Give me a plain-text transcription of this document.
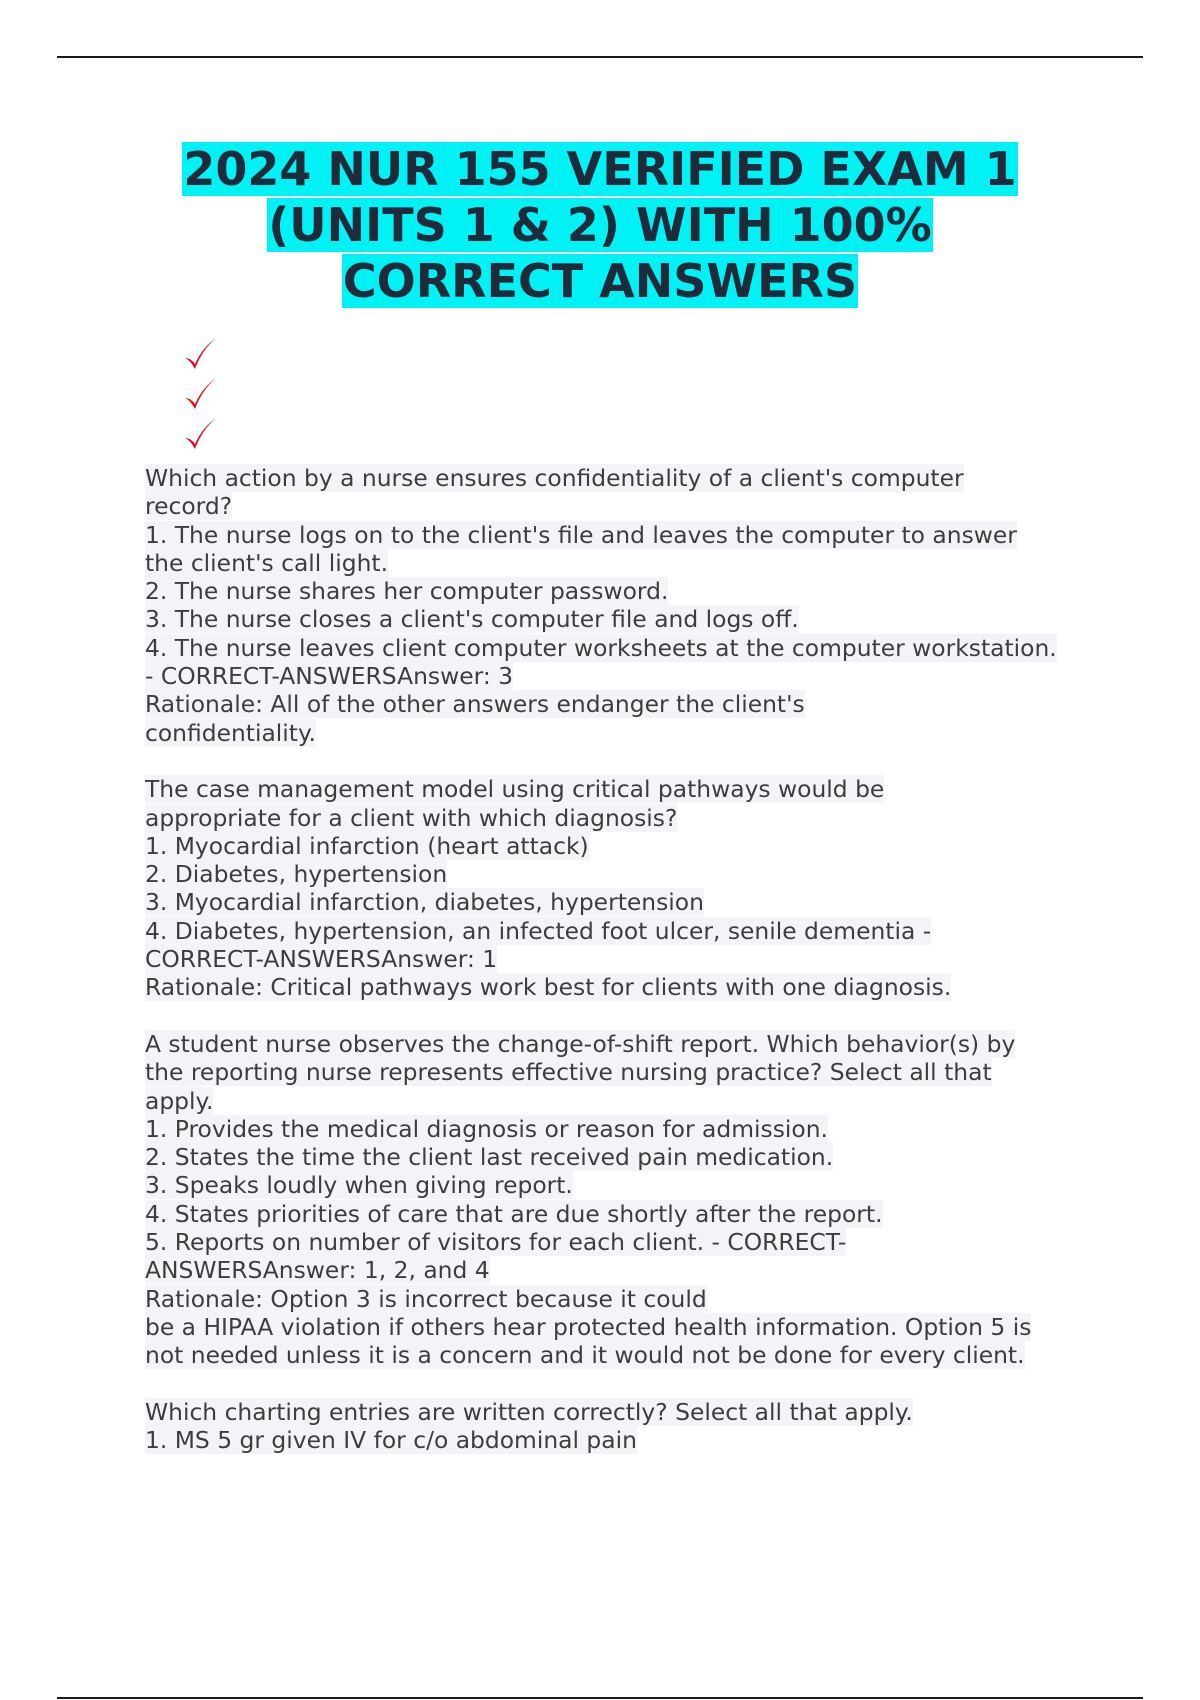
2024 NUR 155 VERIFIED EXAM 1
(UNITS 1 & 2) WITH 100%
CORRECT ANSWERS
Which action by a nurse ensures confidentiality of a client's computer
record?
1. The nurse logs on to the client's file and leaves the computer to answer
the client's call light.
2. The nurse shares her computer password.
3. The nurse closes a client's computer file and logs off.
4. The nurse leaves client computer worksheets at the computer workstation.
- CORRECT-ANSWERSAnswer: 3
Rationale: All of the other answers endanger the client's
confidentiality.
The case management model using critical pathways would be
appropriate for a client with which diagnosis?
1. Myocardial infarction (heart attack)
2. Diabetes, hypertension
3. Myocardial infarction, diabetes, hypertension
4. Diabetes, hypertension, an infected foot ulcer, senile dementia -
CORRECT-ANSWERSAnswer: 1
Rationale: Critical pathways work best for clients with one diagnosis.
A student nurse observes the change-of-shift report. Which behavior(s) by
the reporting nurse represents effective nursing practice? Select all that
apply.
1. Provides the medical diagnosis or reason for admission.
2. States the time the client last received pain medication.
3. Speaks loudly when giving report.
4. States priorities of care that are due shortly after the report.
5. Reports on number of visitors for each client. - CORRECT-
ANSWERSAnswer: 1, 2, and 4
Rationale: Option 3 is incorrect because it could
be a HIPAA violation if others hear protected health information. Option 5 is
not needed unless it is a concern and it would not be done for every client.
Which charting entries are written correctly? Select all that apply.
1. MS 5 gr given IV for c/o abdominal pain
